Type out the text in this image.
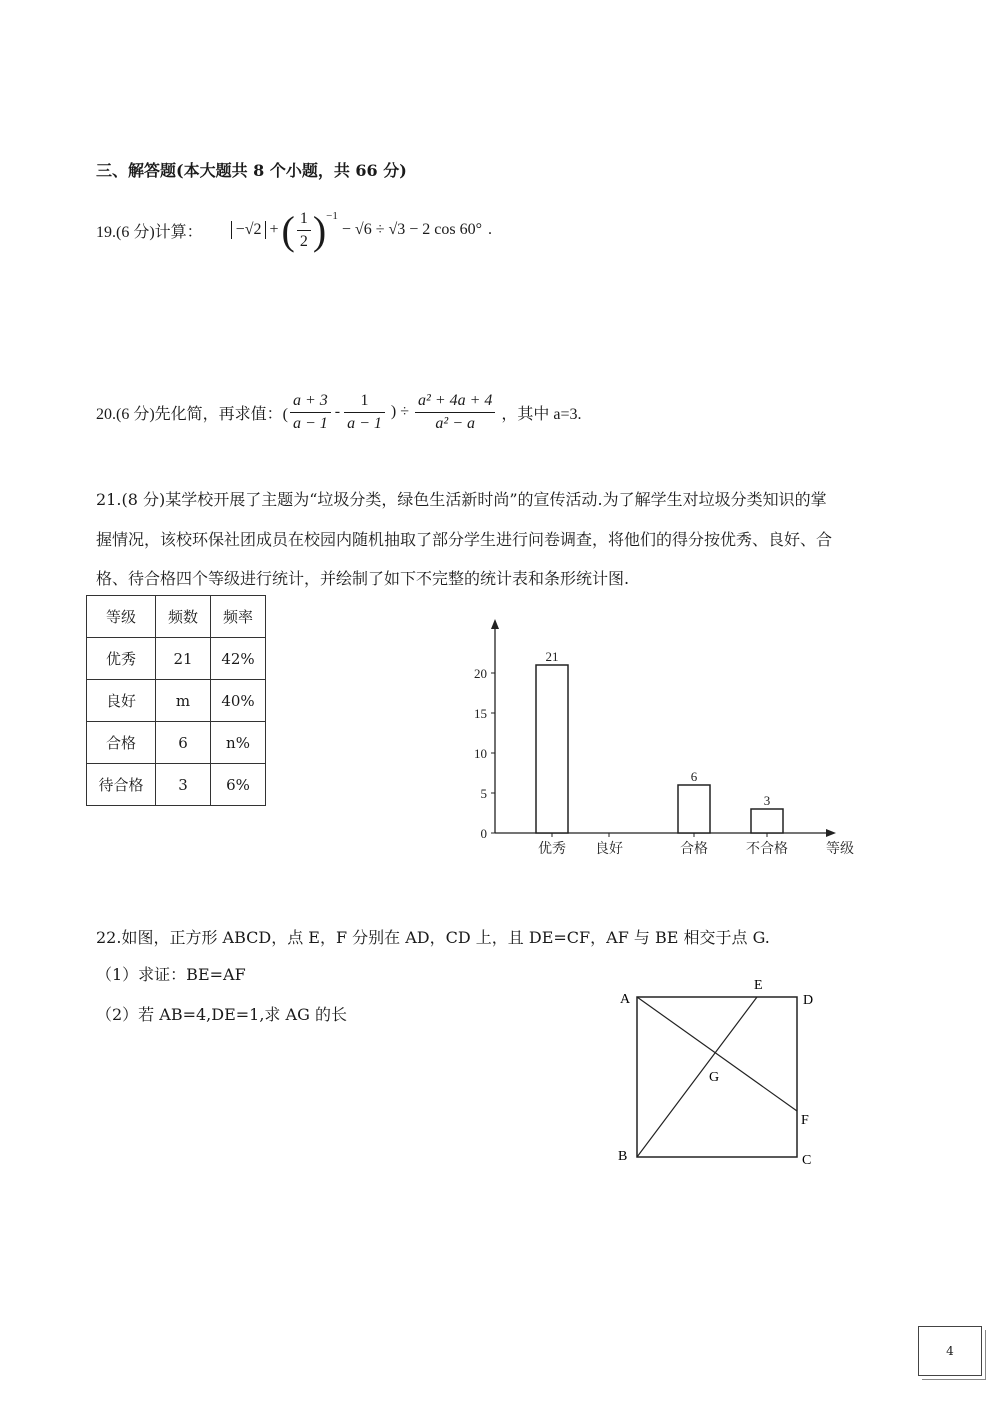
三、解答题(本大题共 8 个小题，共 66 分)
19.(6 分)计算：	−√2 + ( $\frac{1}{2} )^{-1}$
− √6 ÷ √3 − 2 cos 60° .
20.(6 分)先化简，再求值：( $\frac{a + 3}{a - 1} - \frac{1}{a - 1}$ ) ÷ $\frac{\text{a² + 4a + 4}}{\text{a² − a}}$ ，其中 a=3.
21.(8 分)某学校开展了主题为“垃圾分类，绿色生活新时尚”的宣传活动.为了解学生对垃圾分类知识的掌
握情况，该校环保社团成员在校园内随机抽取了部分学生进行问卷调查，将他们的得分按优秀、良好、合
格、待合格四个等级进行统计，并绘制了如下不完整的统计表和条形统计图.
等级	频数	频率
优秀	21	42%
良好	m	40%
合格	6	n%
待合格	3	6%
0
5
10
15
20
优秀
21
良好	合格
6
不合格
3
等级
22.如图，正方形 ABCD，点 E，F 分别在 AD，CD 上，且 DE=CF，AF 与 BE 相交于点 G.
（1）求证：BE=AF
（2）若 AB=4,DE=1,求 AG 的长
A
B	C
D
E
F
G
4
